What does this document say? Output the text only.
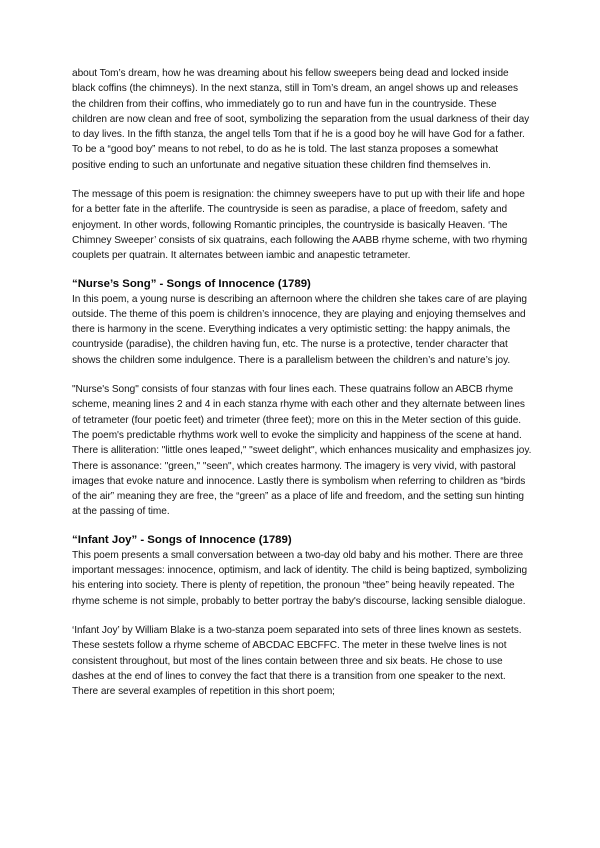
about Tom’s dream, how he was dreaming about his fellow sweepers being dead and locked inside black coffins (the chimneys). In the next stanza, still in Tom’s dream, an angel shows up and releases the children from their coffins, who immediately go to run and have fun in the countryside. These children are now clean and free of soot, symbolizing the separation from the usual darkness of their day to day lives. In the fifth stanza, the angel tells Tom that if he is a good boy he will have God for a father. To be a “good boy” means to not rebel, to do as he is told. The last stanza proposes a somewhat positive ending to such an unfortunate and negative situation these children find themselves in.

The message of this poem is resignation: the chimney sweepers have to put up with their life and hope for a better fate in the afterlife. The countryside is seen as paradise, a place of freedom, safety and enjoyment. In other words, following Romantic principles, the countryside is basically Heaven. ‘The Chimney Sweeper’ consists of six quatrains, each following the AABB rhyme scheme, with two rhyming couplets per quatrain. It alternates between iambic and anapestic tetrameter.

“Nurse’s Song” - Songs of Innocence (1789)

In this poem, a young nurse is describing an afternoon where the children she takes care of are playing outside. The theme of this poem is children’s innocence, they are playing and enjoying themselves and there is harmony in the scene. Everything indicates a very optimistic setting: the happy animals, the countryside (paradise), the children having fun, etc. The nurse is a protective, tender character that shows the children some indulgence. There is a parallelism between the children’s and nature’s joy.

"Nurse's Song" consists of four stanzas with four lines each. These quatrains follow an ABCB rhyme scheme, meaning lines 2 and 4 in each stanza rhyme with each other and they alternate between lines of tetrameter (four poetic feet) and trimeter (three feet); more on this in the Meter section of this guide. The poem's predictable rhythms work well to evoke the simplicity and happiness of the scene at hand. There is alliteration: "little ones leaped," "sweet delight", which enhances musicality and emphasizes joy. There is assonance: "green," "seen", which creates harmony. The imagery is very vivid, with pastoral images that evoke nature and innocence. Lastly there is symbolism when referring to children as “birds of the air” meaning they are free, the “green” as a place of life and freedom, and the setting sun hinting at the passing of time.

“Infant Joy” - Songs of Innocence (1789)

This poem presents a small conversation between a two-day old baby and his mother. There are three important messages: innocence, optimism, and lack of identity. The child is being baptized, symbolizing his entering into society. There is plenty of repetition, the pronoun “thee” being heavily repeated. The rhyme scheme is not simple, probably to better portray the baby's discourse, lacking sensible dialogue.

‘Infant Joy’ by William Blake is a two-stanza poem separated into sets of three lines known as sestets. These sestets follow a rhyme scheme of ABCDAC EBCFFC. The meter in these twelve lines is not consistent throughout, but most of the lines contain between three and six beats. He chose to use dashes at the end of lines to convey the fact that there is a transition from one speaker to the next. There are several examples of repetition in this short poem;
